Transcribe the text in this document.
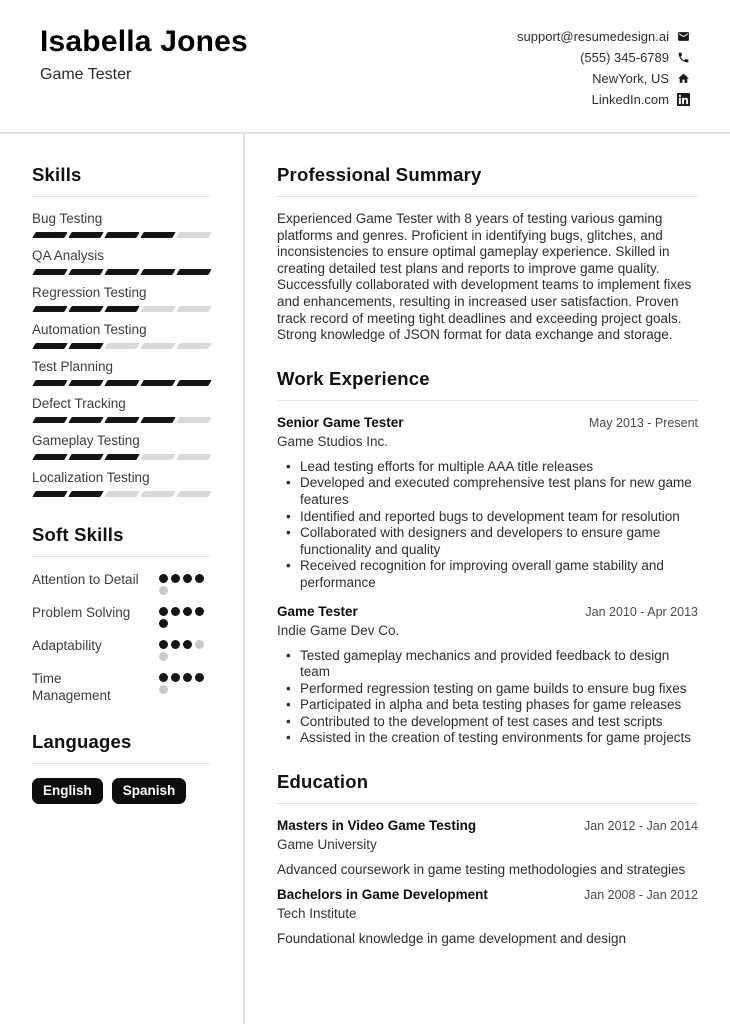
Isabella Jones
Game Tester
support@resumedesign.ai
(555) 345-6789
NewYork, US
LinkedIn.com
Skills
Bug Testing
QA Analysis
Regression Testing
Automation Testing
Test Planning
Defect Tracking
Gameplay Testing
Localization Testing
Soft Skills
Attention to Detail
Problem Solving
Adaptability
Time Management
Languages
English	Spanish
Professional Summary

Experienced Game Tester with 8 years of testing various gaming platforms and genres. Proficient in identifying bugs, glitches, and inconsistencies to ensure optimal gameplay experience. Skilled in creating detailed test plans and reports to improve game quality. Successfully collaborated with development teams to implement fixes and enhancements, resulting in increased user satisfaction. Proven track record of meeting tight deadlines and exceeding project goals. Strong knowledge of JSON format for data exchange and storage.

Work Experience
Senior Game Tester	May 2013 - Present
Game Studios Inc.
• Lead testing efforts for multiple AAA title releases
• Developed and executed comprehensive test plans for new game features
• Identified and reported bugs to development team for resolution
• Collaborated with designers and developers to ensure game functionality and quality
• Received recognition for improving overall game stability and performance
Game Tester	Jan 2010 - Apr 2013
Indie Game Dev Co.
• Tested gameplay mechanics and provided feedback to design team
• Performed regression testing on game builds to ensure bug fixes
• Participated in alpha and beta testing phases for game releases
• Contributed to the development of test cases and test scripts
• Assisted in the creation of testing environments for game projects
Education
Masters in Video Game Testing	Jan 2012 - Jan 2014
Game University
Advanced coursework in game testing methodologies and strategies
Bachelors in Game Development	Jan 2008 - Jan 2012
Tech Institute
Foundational knowledge in game development and design
